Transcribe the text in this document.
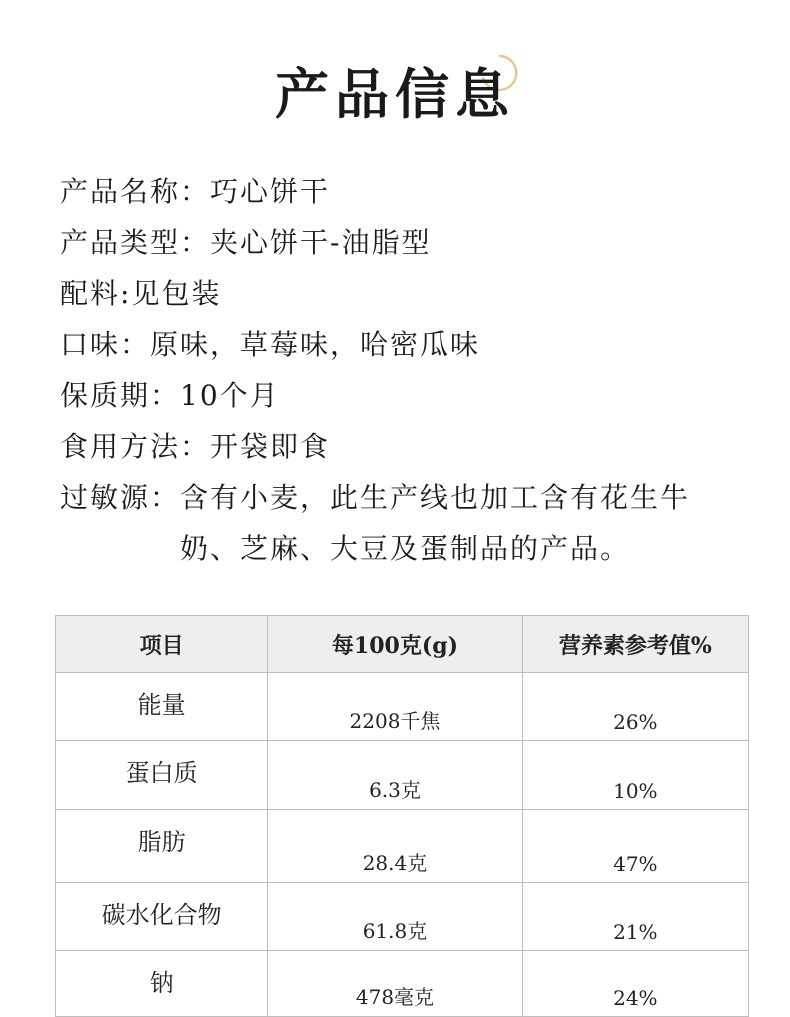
产品信息
产品名称：巧心饼干
产品类型：夹心饼干-油脂型
配料:见包装
口味：原味，草莓味，哈密瓜味
保质期：10个月
食用方法：开袋即食
过敏源： 含有小麦，此生产线也加工含有花生牛奶、芝麻、大豆及蛋制品的产品。
项目	每100克(g)	营养素参考值%
能量	2208千焦	26%
蛋白质	6.3克	10%
脂肪	28.4克	47%
碳水化合物	61.8克	21%
钠	478毫克	24%
